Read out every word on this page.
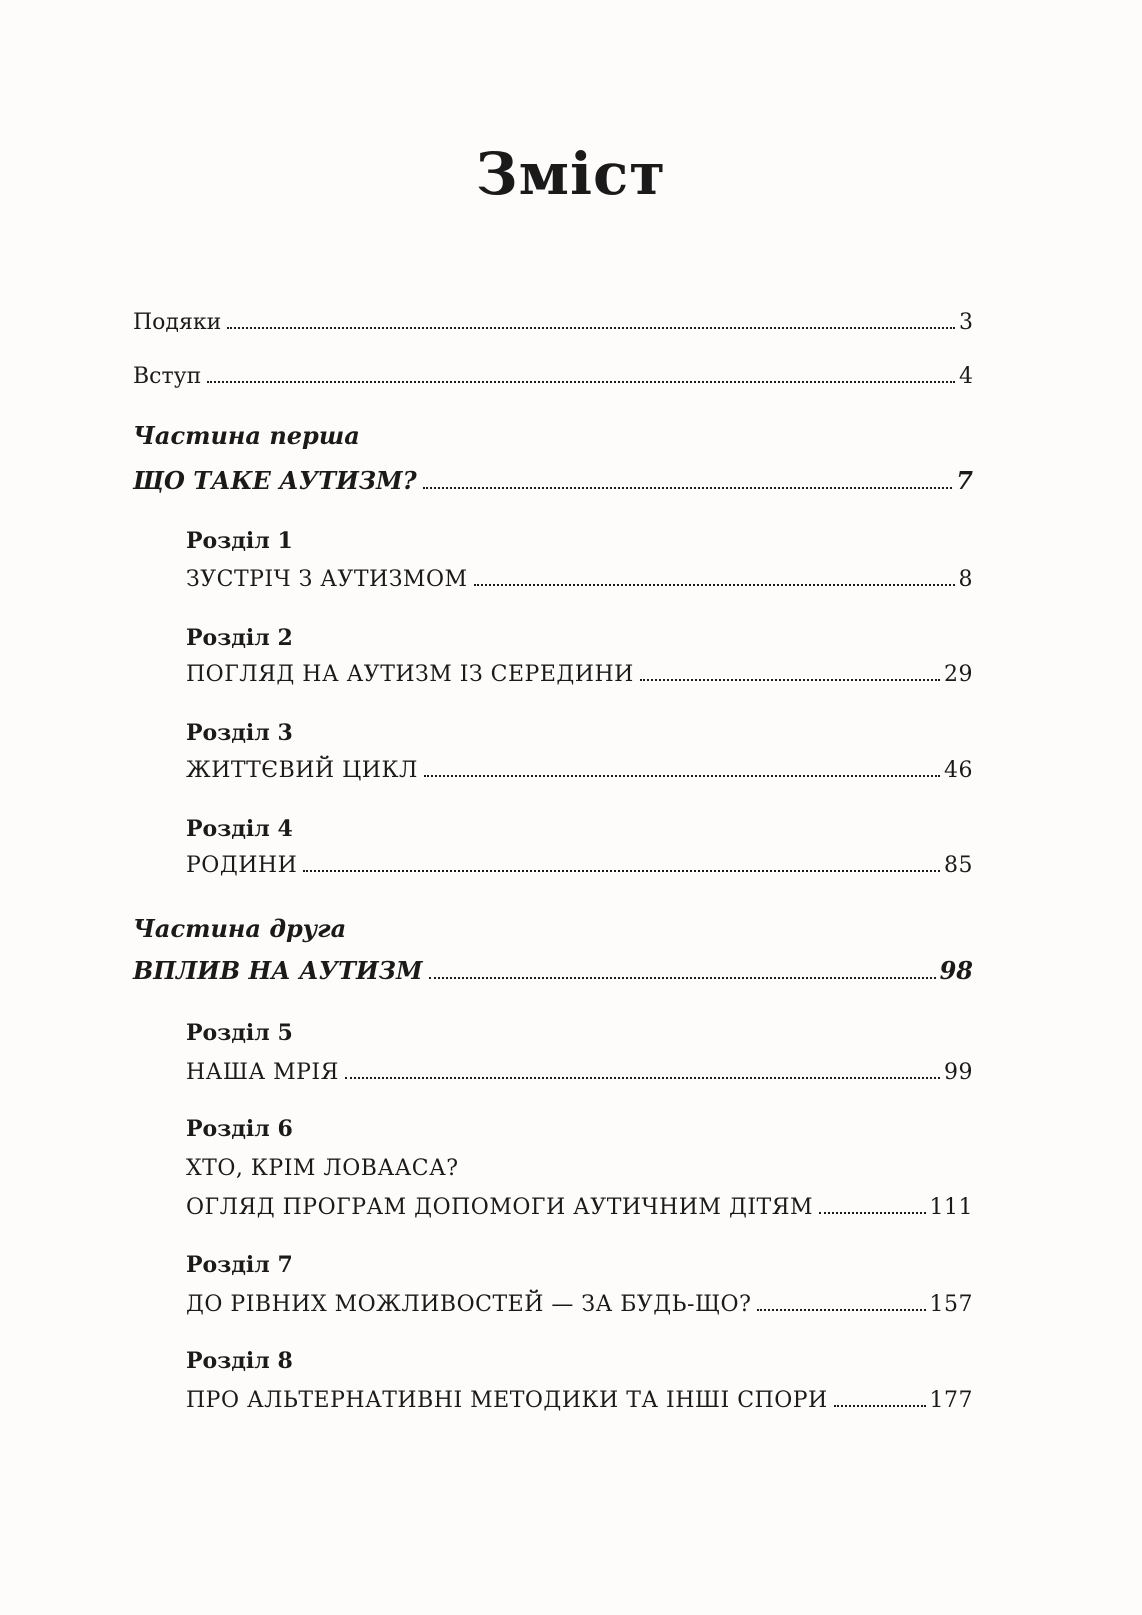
Зміст
Подяки	3
Вступ	4
Частина перша
ЩО ТАКЕ АУТИЗМ?	7
Розділ 1
ЗУСТРІЧ З АУТИЗМОМ	8
Розділ 2
ПОГЛЯД НА АУТИЗМ ІЗ СЕРЕДИНИ	29
Розділ 3
ЖИТТЄВИЙ ЦИКЛ	46
Розділ 4
РОДИНИ	85
Частина друга
ВПЛИВ НА АУТИЗМ	98
Розділ 5
НАША МРІЯ	99
Розділ 6
ХТО, КРІМ ЛОВААСА?
ОГЛЯД ПРОГРАМ ДОПОМОГИ АУТИЧНИМ ДІТЯМ	111
Розділ 7
ДО РІВНИХ МОЖЛИВОСТЕЙ — ЗА БУДЬ-ЩО?	157
Розділ 8
ПРО АЛЬТЕРНАТИВНІ МЕТОДИКИ ТА ІНШІ СПОРИ	177
